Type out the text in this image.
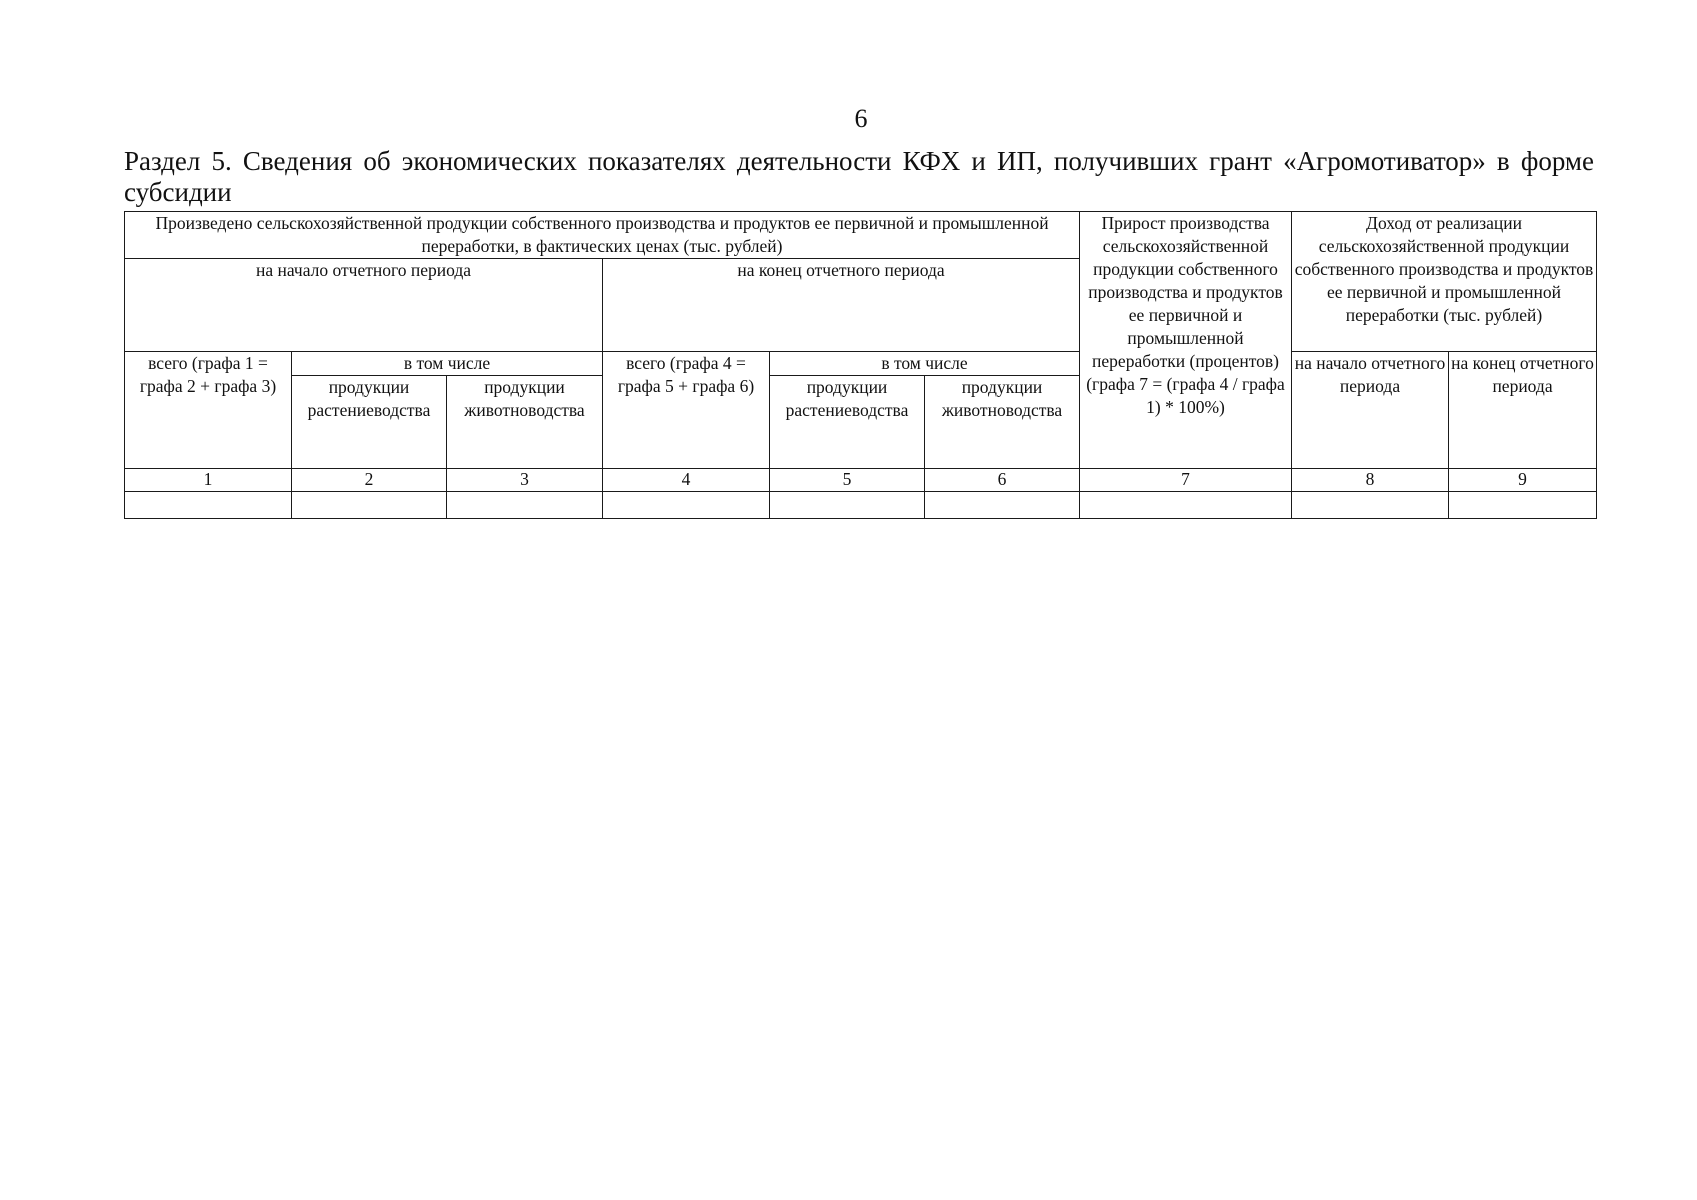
6
Раздел 5. Сведения об экономических показателях деятельности КФХ и ИП, получивших грант «Агромотиватор» в форме субсидии
Произведено сельскохозяйственной продукции собственного производства и продуктов ее первичной и промышленной переработки, в фактических ценах (тыс. рублей)						Прирост производства сельскохозяйственной продукции собственного производства и продуктов ее первичной и промышленной переработки (процентов) (графа 7 = (графа 4 / графа 1) * 100%)	Доход от реализации сельскохозяйственной продукции собственного производства и продуктов ее первичной и промышленной переработки (тыс. рублей)	

на начало отчетного периода			на конец отчетного периода					

всего (графа 1 = графа 2 + графа 3)	в том числе		всего (графа 4 = графа 5 + графа 6)	в том числе			на начало отчетного периода	на конец отчетного периода

	продукции растениеводства	продукции животноводства		продукции растениеводства	продукции животноводства			

1	2	3	4	5	6	7	8	9
